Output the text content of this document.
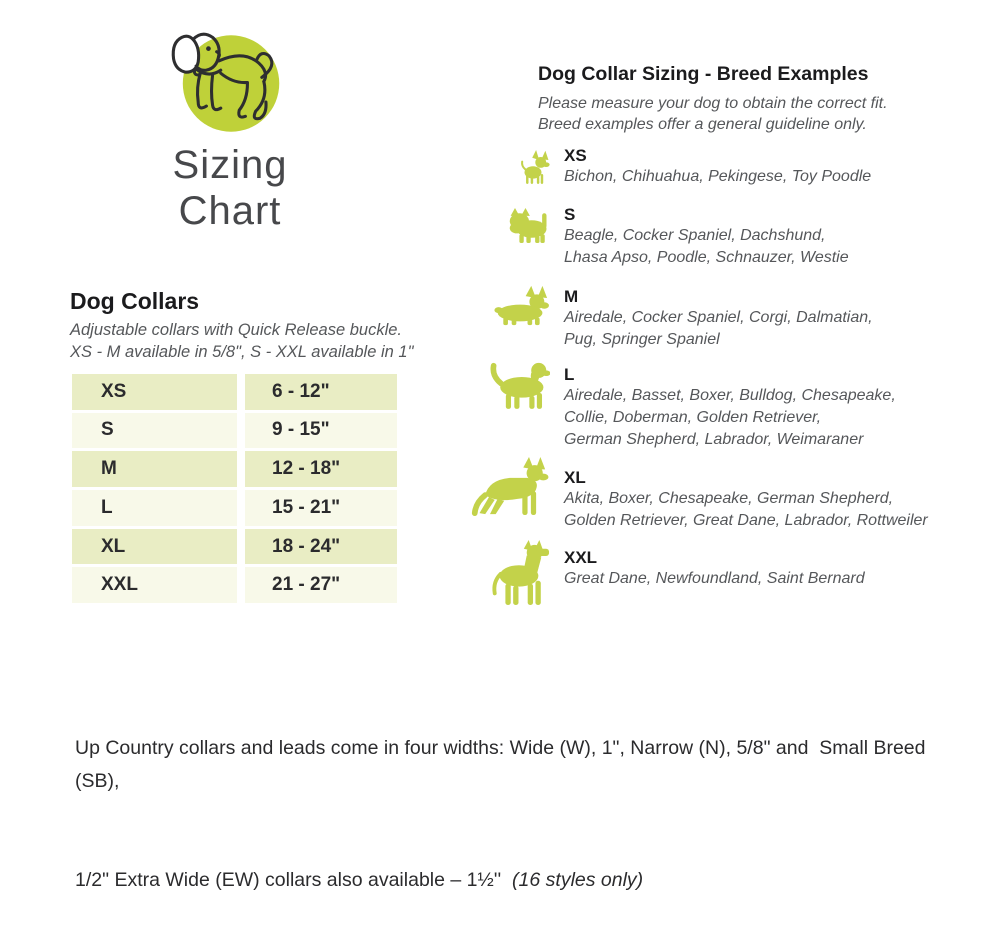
Sizing
Chart
Dog Collars
Adjustable collars with Quick Release buckle.
XS - M available in 5/8", S - XXL available in 1"
XS	6 - 12"
S	9 - 15"
M	12 - 18"
L	15 - 21"
XL	18 - 24"
XXL	21 - 27"
Dog Collar Sizing - Breed Examples
Please measure your dog to obtain the correct fit.
Breed examples offer a general guideline only.
XS
Bichon, Chihuahua, Pekingese, Toy Poodle
S
Beagle, Cocker Spaniel, Dachshund,
Lhasa Apso, Poodle, Schnauzer, Westie
M
Airedale, Cocker Spaniel, Corgi, Dalmatian,
Pug, Springer Spaniel
L
Airedale, Basset, Boxer, Bulldog, Chesapeake,
Collie, Doberman, Golden Retriever,
German Shepherd, Labrador, Weimaraner
XL
Akita, Boxer, Chesapeake, German Shepherd,
Golden Retriever, Great Dane, Labrador, Rottweiler
XXL
Great Dane, Newfoundland, Saint Bernard

Up Country collars and leads come in four widths: Wide (W), 1", Narrow (N), 5/8" and  Small Breed (SB),

1/2" Extra Wide (EW) collars also available – 1½''  (16 styles only)
